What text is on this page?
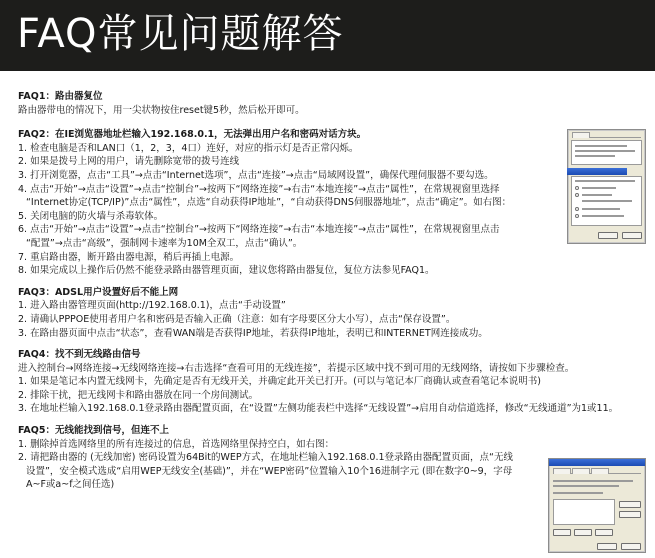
FAQ常见问题解答
FAQ1：路由器复位
路由器带电的情况下，用一尖状物按住reset键5秒，然后松开即可。
FAQ2：在IE浏览器地址栏输入192.168.0.1，无法弹出用户名和密码对话方块。
1. 检查电脑是否和LAN口（1，2，3，4口）连好，对应的指示灯是否正常闪烁。
2. 如果是拨号上网的用户，请先删除宽带的拨号连线
3. 打开浏览器，点击“工具”→点击“Internet选项”，点击“连接”→点击“局域网设置”，确保代理伺服器不要勾选。
4. 点击“开始”→点击“设置”→点击“控制台”→按两下“网络连接”→右击“本地连接”→点击“属性”，在常规视窗里选择
“Internet协定(TCP/IP)”点击“属性”，点选“自动获得IP地址”，“自动获得DNS伺服器地址”，点击“确定”。如右图：
5. 关闭电脑的防火墙与杀毒软体。
6. 点击“开始”→点击“设置”→点击“控制台”→按两下“网络连接”→右击“本地连接”→点击“属性”，在常规视窗里点击
“配置”→点击“高级”，强制网卡速率为10M全双工，点击“确认”。
7. 重启路由器，断开路由器电源，稍后再插上电源。
8. 如果完成以上操作后仍然不能登录路由器管理页面，建议您将路由器复位，复位方法参见FAQ1。
FAQ3：ADSL用户设置好后不能上网
1. 进入路由器管理页面(http://192.168.0.1)，点击“手动设置”
2. 请确认PPPOE使用者用户名和密码是否输入正确（注意：如有字母要区分大小写），点击“保存设置”。
3. 在路由器页面中点击“状态”，查看WAN端是否获得IP地址，若获得IP地址，表明已和INTERNET网连接成功。
FAQ4：找不到无线路由信号
进入控制台→网络连接→无线网络连接→右击选择“查看可用的无线连接”，若提示区域中找不到可用的无线网络，请按如下步骤检查。
1. 如果是笔记本内置无线网卡，先确定是否有无线开关，并确定此开关已打开。(可以与笔记本厂商确认或查看笔记本说明书)
2. 排除干扰，把无线网卡和路由器放在同一个房间测试。
3. 在地址栏输入192.168.0.1登录路由器配置页面，在“设置”左侧功能表栏中选择“无线设置”→启用自动信道选择，修改“无线通道”为1或11。
FAQ5：无线能找到信号，但连不上
1. 删除掉首选网络里的所有连接过的信息，首选网络里保持空白，如右图：
2. 请把路由器的 (无线加密) 密码设置为64Bit的WEP方式，在地址栏输入192.168.0.1登录路由器配置页面，点“无线
设置”，安全模式选成“启用WEP无线安全(基础)”，并在“WEP密码”位置输入10个16进制字元 (即在数字0~9，字母
A~F或a~f之间任选)
